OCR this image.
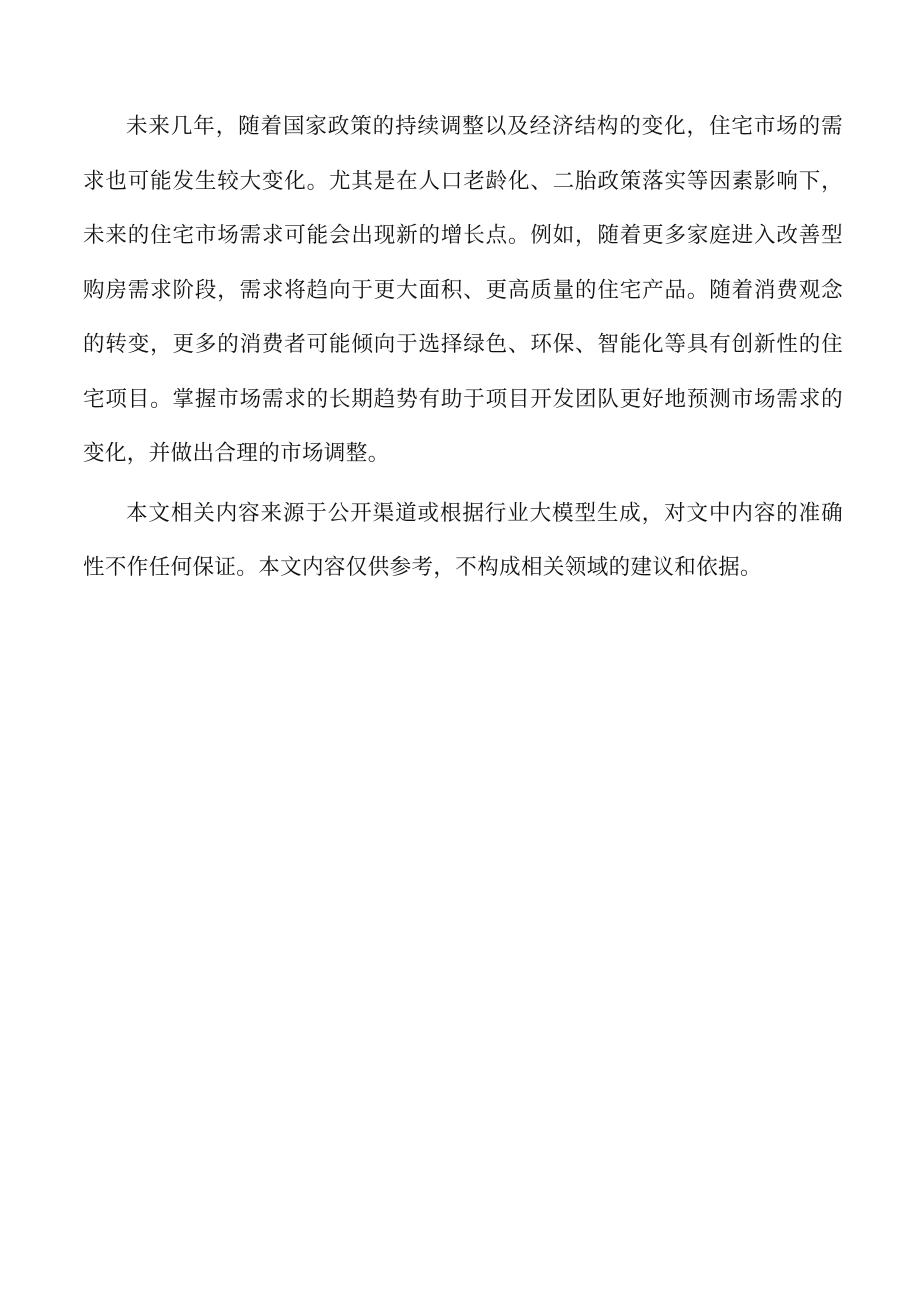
未来几年，随着国家政策的持续调整以及经济结构的变化，住宅市场的需求也可能发生较大变化。尤其是在人口老龄化、二胎政策落实等因素影响下，未来的住宅市场需求可能会出现新的增长点。例如，随着更多家庭进入改善型购房需求阶段，需求将趋向于更大面积、更高质量的住宅产品。随着消费观念的转变，更多的消费者可能倾向于选择绿色、环保、智能化等具有创新性的住宅项目。掌握市场需求的长期趋势有助于项目开发团队更好地预测市场需求的变化，并做出合理的市场调整。

本文相关内容来源于公开渠道或根据行业大模型生成，对文中内容的准确性不作任何保证。本文内容仅供参考，不构成相关领域的建议和依据。
